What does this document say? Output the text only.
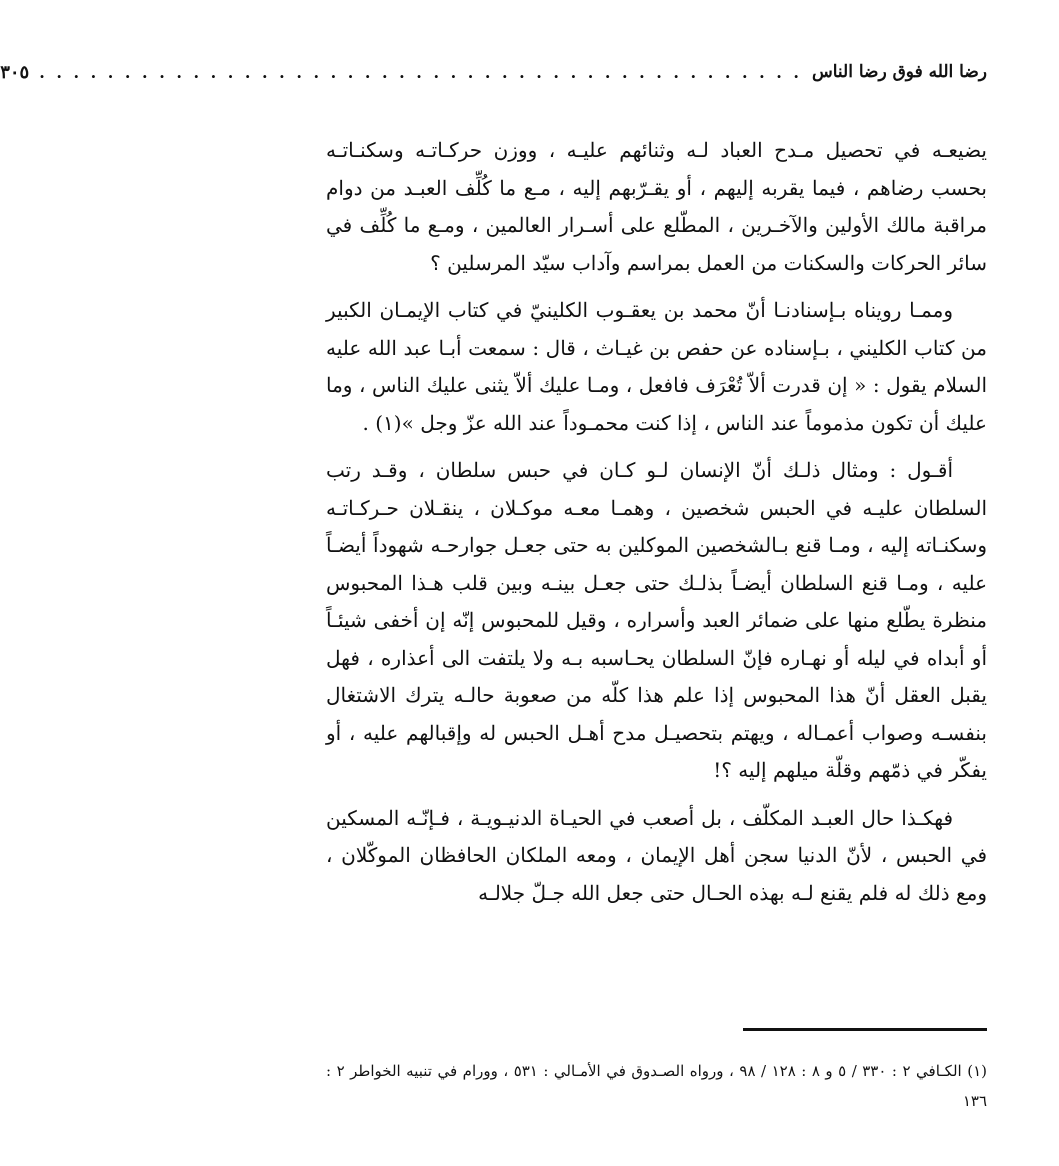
رضا الله فوق رضا الناس
. . . . . . . . . . . . . . . . . . . . . . . . . . . . . . . . . . . . . . . . . . . . .
٣٠٥

يضيعـه في تحصيل مـدح العباد لـه وثنائهم عليـه ، ووزن حركـاتـه وسكنـاتـه بحسب رضاهم ، فيما يقربه إليهم ، أو يقـرّبهم إليه ، مـع ما كُلِّف العبـد من دوام مراقبة مالك الأولين والآخـرين ، المطّلع على أسـرار العالمين ، ومـع ما كُلِّف في سائر الحركات والسكنات من العمل بمراسم وآداب سيّد المرسلين ؟

وممـا رويناه بـإسنادنـا أنّ محمد بن يعقـوب الكلينيّ في كتاب الإيمـان الكبير من كتاب الكليني ، بـإسناده عن حفص بن غيـاث ، قال : سمعت أبـا عبد الله عليه السلام يقول : « إن قدرت ألاّ تُعْرَف فافعل ، ومـا عليك ألاّ يثنى عليك الناس ، وما عليك أن تكون مذموماً عند الناس ، إذا كنت محمـوداً عند الله عزّ وجل »(١) .

أقـول : ومثال ذلـك أنّ الإنسان لـو كـان في حبس سلطان ، وقـد رتب السلطان عليـه في الحبس شخصين ، وهمـا معـه موكـلان ، ينقـلان حـركـاتـه وسكنـاته إليه ، ومـا قنع بـالشخصين الموكلين به حتى جعـل جوارحـه شهوداً أيضـاً عليه ، ومـا قنع السلطان أيضـاً بذلـك حتى جعـل بينـه وبين قلب هـذا المحبوس منظرة يطّلع منها على ضمائر العبد وأسراره ، وقيل للمحبوس إنّه إن أخفى شيئـاً أو أبداه في ليله أو نهـاره فإنّ السلطان يحـاسبه بـه ولا يلتفت الى أعذاره ، فهل يقبل العقل أنّ هذا المحبوس إذا علم هذا كلّه من صعوبة حالـه يترك الاشتغال بنفسـه وصواب أعمـاله ، ويهتم بتحصيـل مدح أهـل الحبس له وإقبالهم عليه ، أو يفكّر في ذمّهم وقلّة ميلهم إليه ؟!

فهكـذا حال العبـد المكلّف ، بل أصعب في الحيـاة الدنيـويـة ، فـإنّـه المسكين في الحبس ، لأنّ الدنيا سجن أهل الإيمان ، ومعه الملكان الحافظان الموكّلان ، ومع ذلك له فلم يقنع لـه بهذه الحـال حتى جعل الله جـلّ جلالـه

(١) الكـافي ٢ : ٣٣٠ / ٥ و ٨ : ١٢٨ / ٩٨ ، ورواه الصـدوق في الأمـالي : ٥٣١ ، وورام في تنبيه الخواطر ٢ : ١٣٦
